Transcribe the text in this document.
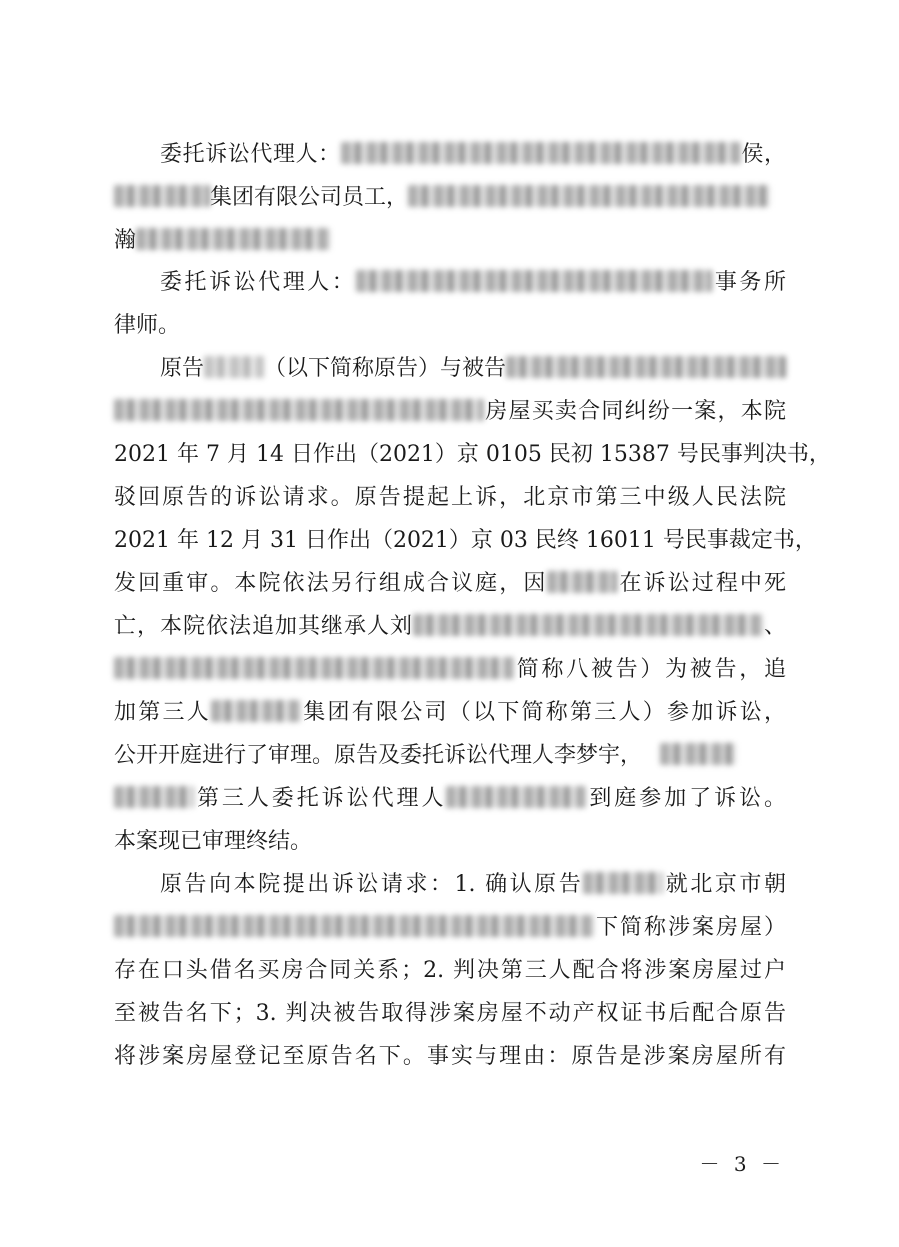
委托诉讼代理人：	侯，
集团有限公司员工，
瀚
委托诉讼代理人：	事务所
律师。
原告	（以下简称原告）与被告
房屋买卖合同纠纷一案，本院
2021 年 7 月 14 日作出（2021）京 0105 民初 15387 号民事判决书，
驳回原告的诉讼请求。原告提起上诉，北京市第三中级人民法院
2021 年 12 月 31 日作出（2021）京 03 民终 16011 号民事裁定书，
发回重审。本院依法另行组成合议庭，因	在诉讼过程中死
亡，本院依法追加其继承人刘	、
简称八被告）为被告，追
加第三人	集团有限公司（以下简称第三人）参加诉讼，
公开开庭进行了审理。原告及委托诉讼代理人李梦宇，
第三人委托诉讼代理人	到庭参加了诉讼。
本案现已审理终结。
原告向本院提出诉讼请求：1. 确认原告	就北京市朝
下简称涉案房屋）
存在口头借名买房合同关系；2. 判决第三人配合将涉案房屋过户
至被告名下；3. 判决被告取得涉案房屋不动产权证书后配合原告
将涉案房屋登记至原告名下。事实与理由：原告是涉案房屋所有
－ 3 －
